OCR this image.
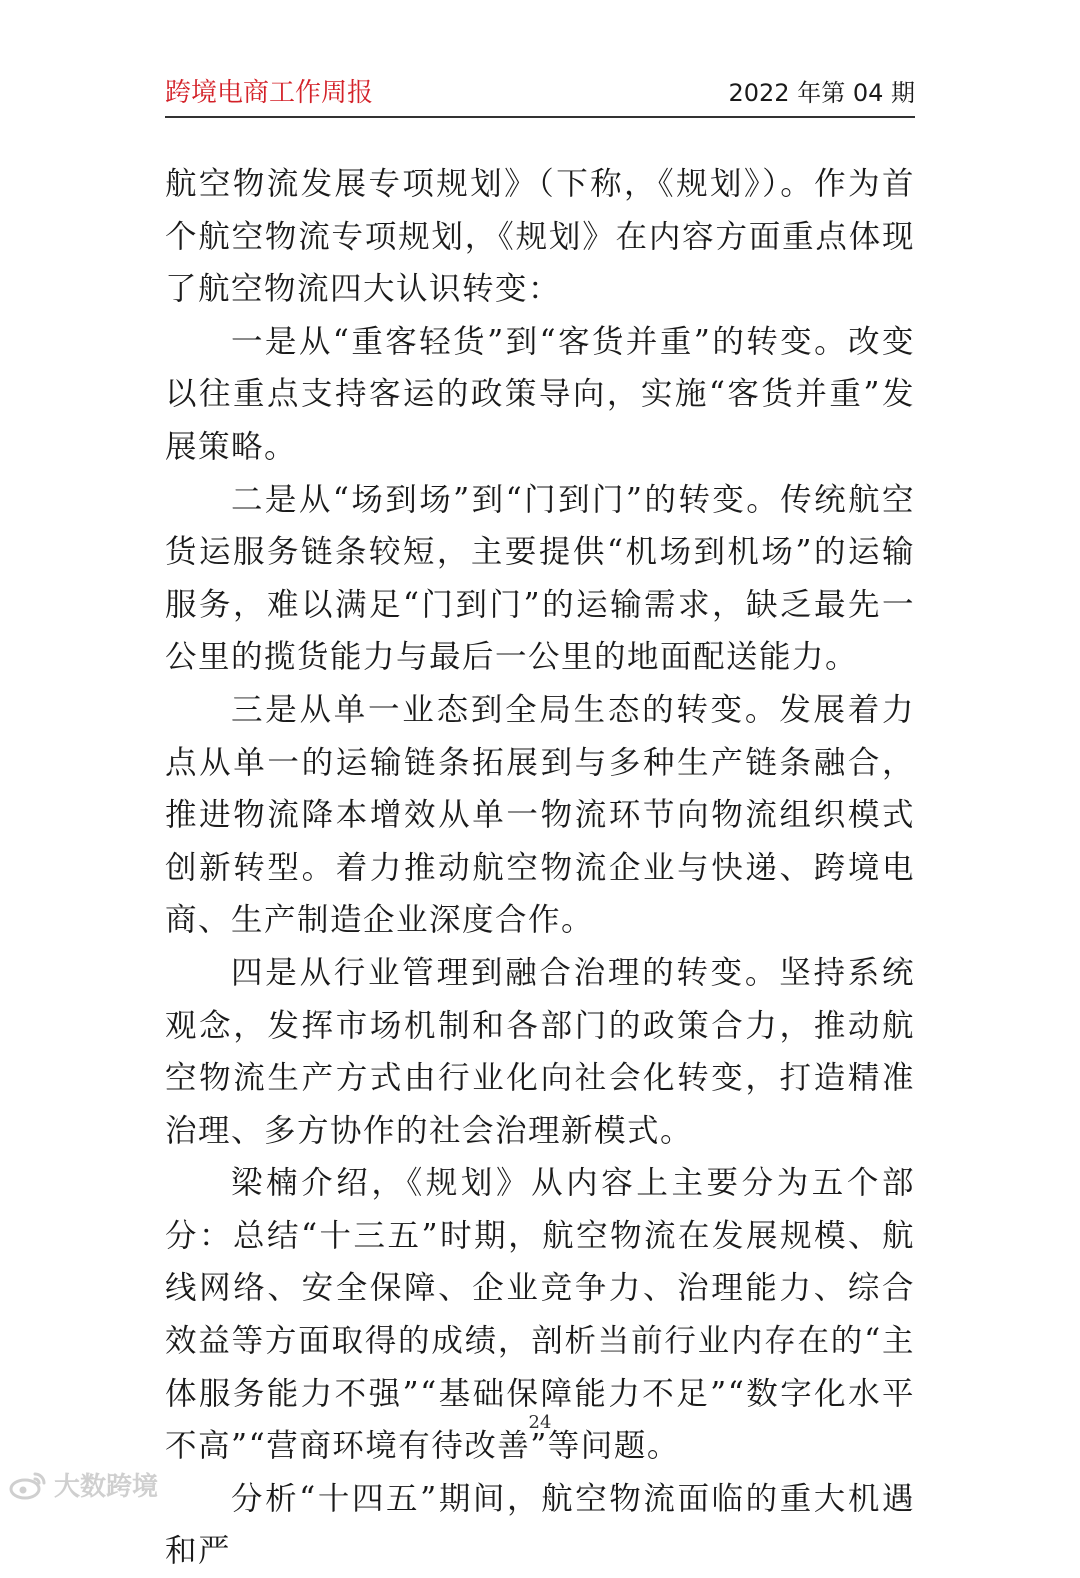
跨境电商工作周报	2022 年第 04 期

航空物流发展专项规划》（下称，《规划》）。作为首个航空物流专项规划，《规划》在内容方面重点体现了航空物流四大认识转变：

一是从“重客轻货”到“客货并重”的转变。改变以往重点支持客运的政策导向，实施“客货并重”发展策略。

二是从“场到场”到“门到门”的转变。传统航空货运服务链条较短，主要提供“机场到机场”的运输服务，难以满足“门到门”的运输需求，缺乏最先一公里的揽货能力与最后一公里的地面配送能力。

三是从单一业态到全局生态的转变。发展着力点从单一的运输链条拓展到与多种生产链条融合，推进物流降本增效从单一物流环节向物流组织模式创新转型。着力推动航空物流企业与快递、跨境电商、生产制造企业深度合作。

四是从行业管理到融合治理的转变。坚持系统观念，发挥市场机制和各部门的政策合力，推动航空物流生产方式由行业化向社会化转变，打造精准治理、多方协作的社会治理新模式。

梁楠介绍，《规划》从内容上主要分为五个部分：总结“十三五”时期，航空物流在发展规模、航线网络、安全保障、企业竞争力、治理能力、综合效益等方面取得的成绩，剖析当前行业内存在的“主体服务能力不强”“基础保障能力不足”“数字化水平不高”“营商环境有待改善”等问题。

分析“十四五”期间，航空物流面临的重大机遇和严

24
大数跨境
